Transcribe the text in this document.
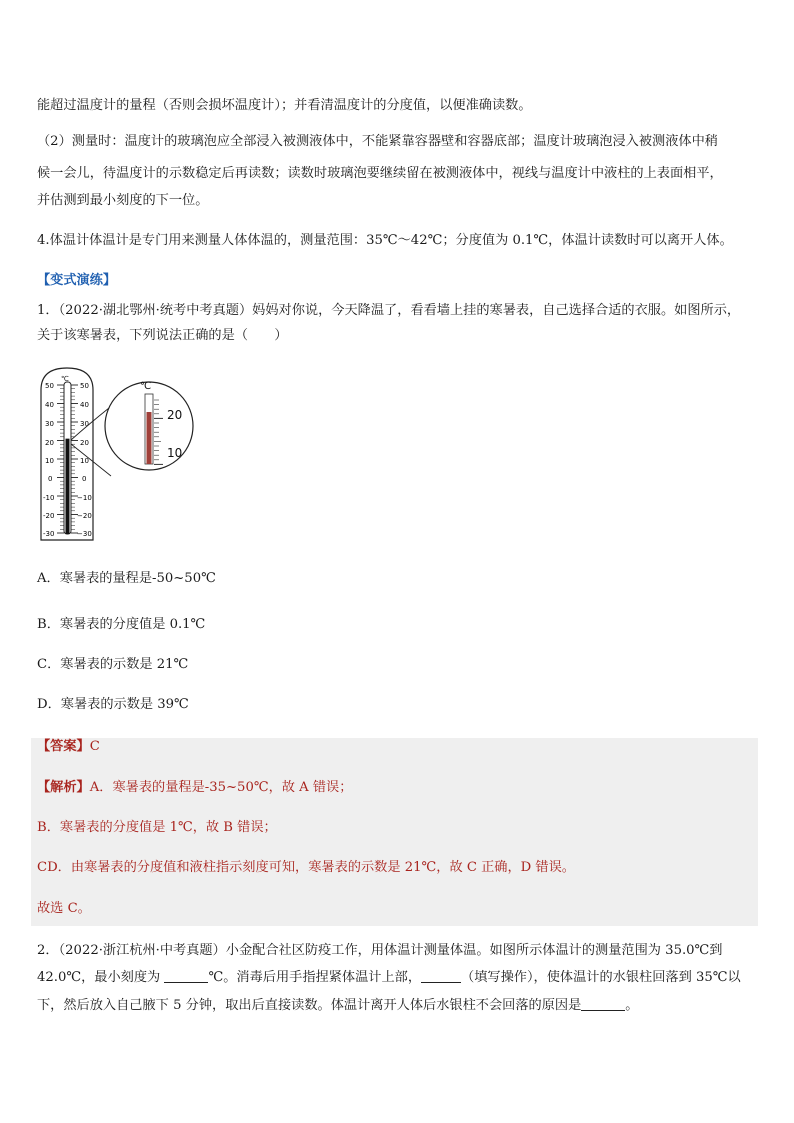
能超过温度计的量程（否则会损坏温度计）；并看清温度计的分度值，以便准确读数。

（2）测量时：温度计的玻璃泡应全部浸入被测液体中，不能紧靠容器壁和容器底部；温度计玻璃泡浸入被测液体中稍

候一会儿，待温度计的示数稳定后再读数；读数时玻璃泡要继续留在被测液体中，视线与温度计中液柱的上表面相平，

并估测到最小刻度的下一位。

4.体温计体温计是专门用来测量人体体温的，测量范围：35℃～42℃；分度值为 0.1℃，体温计读数时可以离开人体。

【变式演练】

1．（2022·湖北鄂州·统考中考真题）妈妈对你说，今天降温了，看看墙上挂的寒暑表，自己选择合适的衣服。如图所示，

关于该寒暑表，下列说法正确的是（　　）

℃
50
40
30
20
10
0
-10
-20
-30
50
40
30
20
10
0
−10
−20
−30
℃
20
10
A．寒暑表的量程是-50~50℃
B．寒暑表的分度值是 0.1℃
C．寒暑表的示数是 21℃
D．寒暑表的示数是 39℃

【答案】C

【解析】A．寒暑表的量程是-35~50℃，故 A 错误；

B．寒暑表的分度值是 1℃，故 B 错误；

CD．由寒暑表的分度值和液柱指示刻度可知，寒暑表的示数是 21℃，故 C 正确，D 错误。

故选 C。

2．（2022·浙江杭州·中考真题）小金配合社区防疫工作，用体温计测量体温。如图所示体温计的测量范围为 35.0℃到

42.0℃，最小刻度为	℃。消毒后用手指捏紧体温计上部，	（填写操作），使体温计的水银柱回落到 35℃以

下，然后放入自己腋下 5 分钟，取出后直接读数。体温计离开人体后水银柱不会回落的原因是	。
